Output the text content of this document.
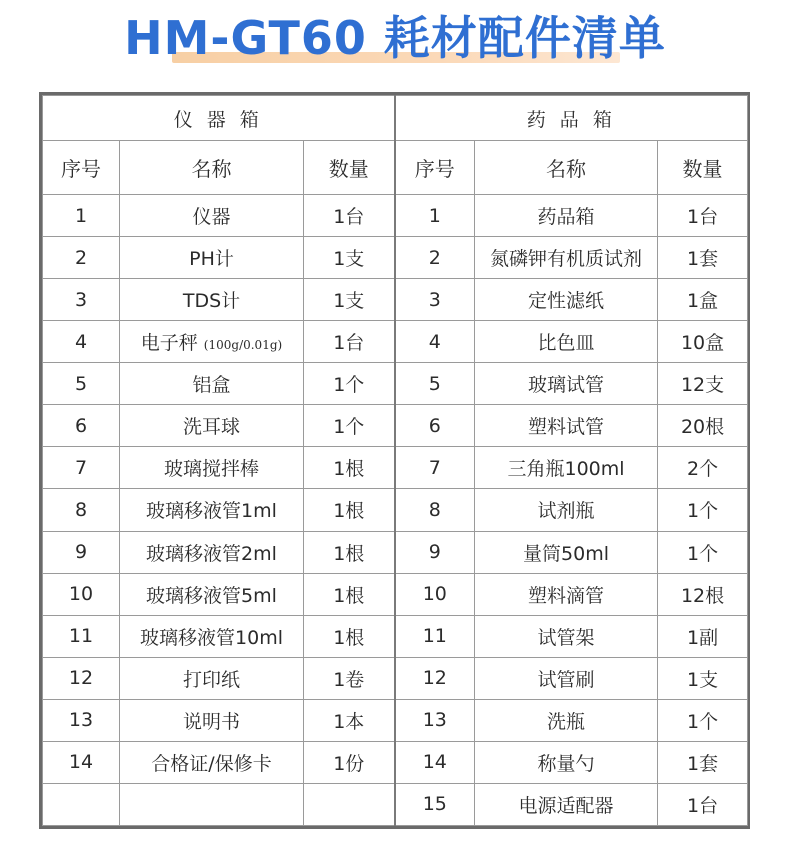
HM-GT60 耗材配件清单
仪 器 箱			药 品 箱		
序号	名称	数量	序号	名称	数量
1	仪器	1台	1	药品箱	1台
2	PH计	1支	2	氮磷钾有机质试剂	1套
3	TDS计	1支	3	定性滤纸	1盒
4	电子秤 (100g/0.01g)	1台	4	比色皿	10盒
5	铝盒	1个	5	玻璃试管	12支
6	洗耳球	1个	6	塑料试管	20根
7	玻璃搅拌棒	1根	7	三角瓶100ml	2个
8	玻璃移液管1ml	1根	8	试剂瓶	1个
9	玻璃移液管2ml	1根	9	量筒50ml	1个
10	玻璃移液管5ml	1根	10	塑料滴管	12根
11	玻璃移液管10ml	1根	11	试管架	1副
12	打印纸	1卷	12	试管刷	1支
13	说明书	1本	13	洗瓶	1个
14	合格证/保修卡	1份	14	称量勺	1套
			15	电源适配器	1台
